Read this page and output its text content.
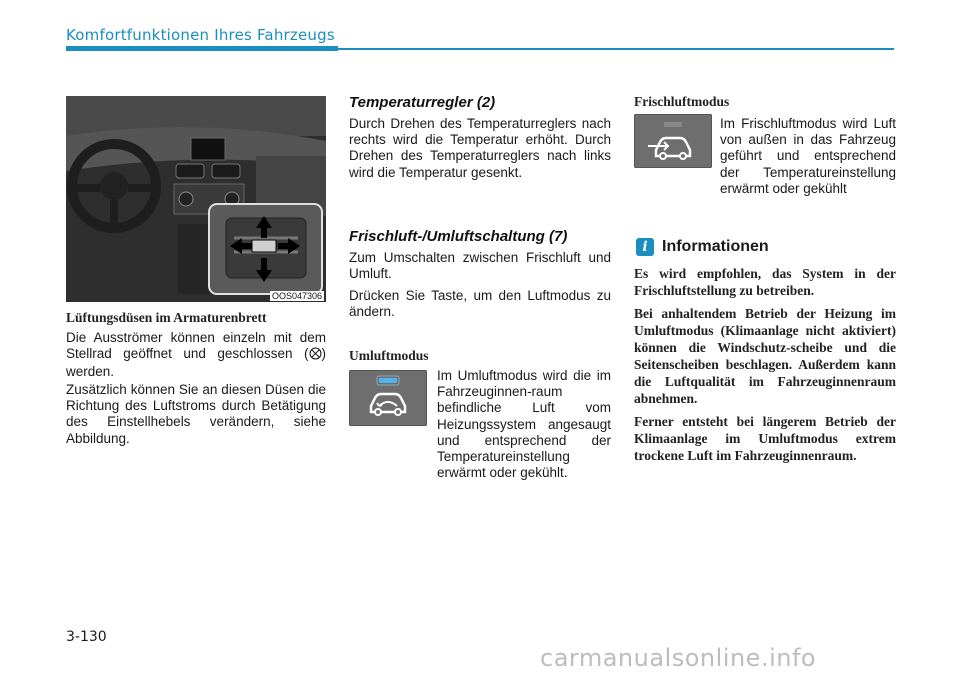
Komfortfunktionen Ihres Fahrzeugs
OOS047306
Lüftungsdüsen im Armaturenbrett

Die Ausströmer können einzeln mit dem Stellrad geöffnet und geschlossen ( ) werden.

Zusätzlich können Sie an diesen Düsen die Richtung des Luftstroms durch Betätigung des Einstellhebels verändern, siehe Abbildung.

Temperaturregler (2)

Durch Drehen des Temperaturreglers nach rechts wird die Temperatur erhöht. Durch Drehen des Temperaturreglers nach links wird die Temperatur gesenkt.

Frischluft-/Umluftschaltung (7)

Zum Umschalten zwischen Frischluft und Umluft.

Drücken Sie Taste, um den Luftmodus zu ändern.

Umluftmodus

Im Umluftmodus wird die im Fahrzeuginnen-raum befindliche Luft vom Heizungssystem angesaugt und entsprechend der Temperatureinstellung erwärmt oder gekühlt.

Frischluftmodus

Im Frischluftmodus wird Luft von außen in das Fahrzeug geführt und entsprechend der Temperatureinstellung erwärmt oder gekühlt

i Informationen

Es wird empfohlen, das System in der Frischluftstellung zu betreiben.

Bei anhaltendem Betrieb der Heizung im Umluftmodus (Klimaanlage nicht aktiviert) können die Windschutz-scheibe und die Seitenscheiben beschlagen. Außerdem kann die Luftqualität im Fahrzeuginnenraum abnehmen.

Ferner entsteht bei längerem Betrieb der Klimaanlage im Umluftmodus extrem trockene Luft im Fahrzeuginnenraum.

3-130
carmanualsonline.info
